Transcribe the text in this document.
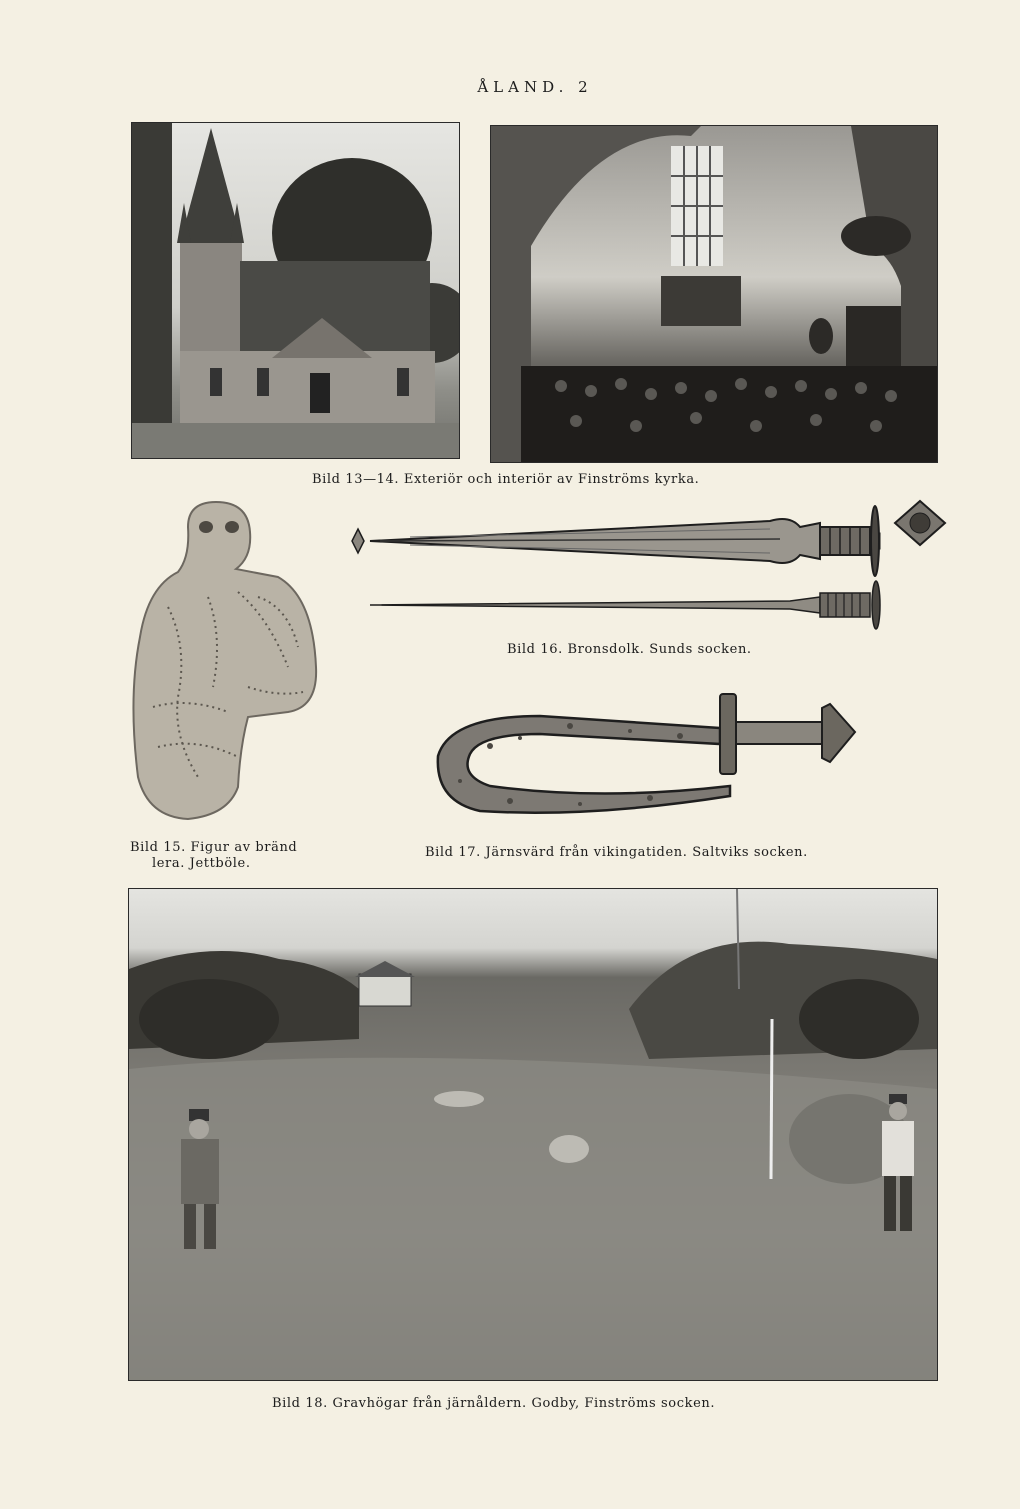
ÅLAND. 2
Bild 13—14. Exteriör och interiör av Finströms kyrka.
Bild 15. Figur av bränd
lera. Jettböle.
Bild 16. Bronsdolk. Sunds socken.
Bild 17. Järnsvärd från vikingatiden. Saltviks socken.
Bild 18. Gravhögar från järnåldern. Godby, Finströms socken.
